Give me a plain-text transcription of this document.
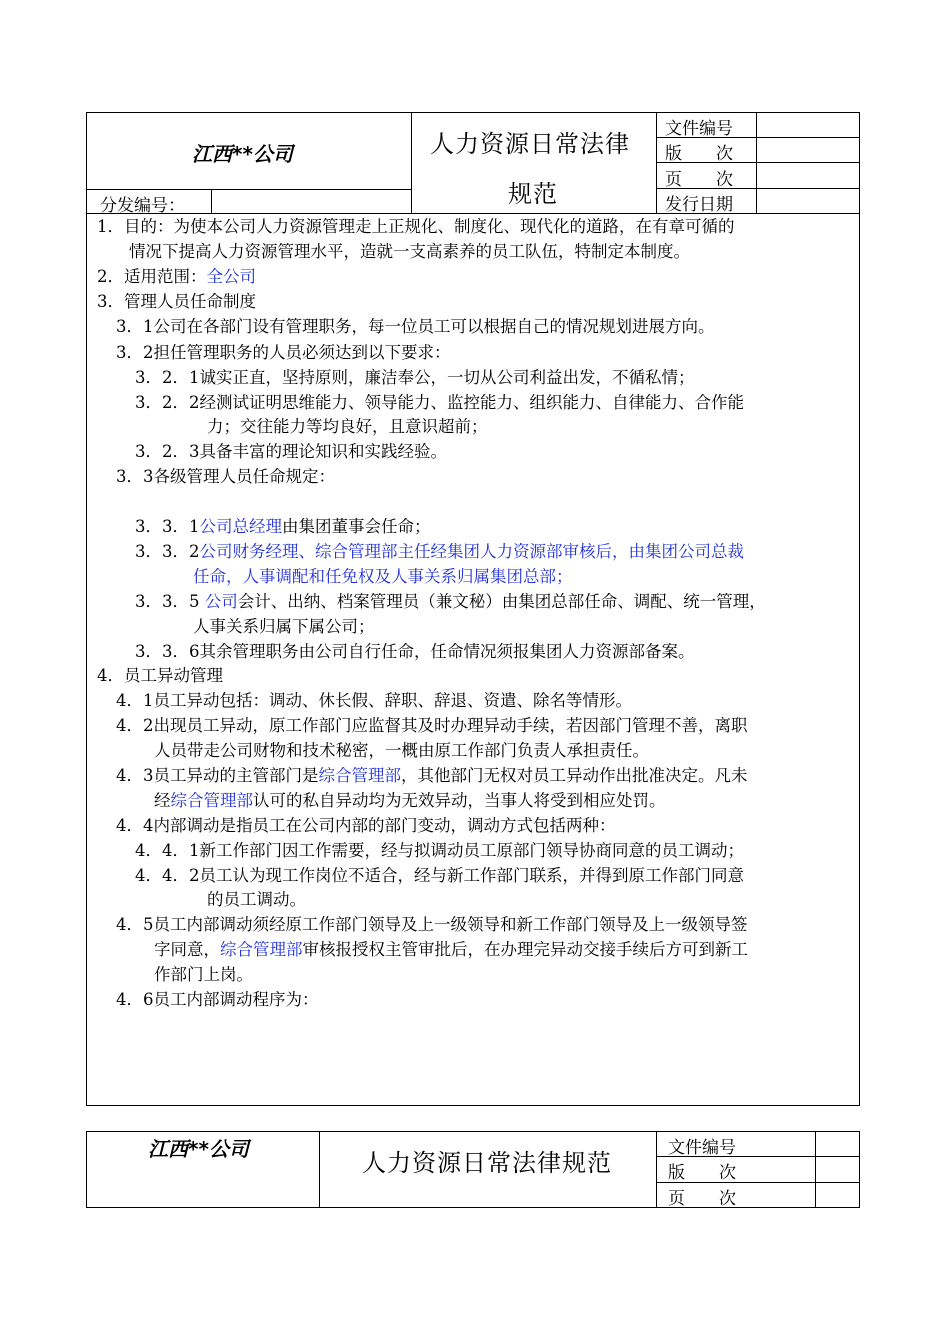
江西**公司	人力资源日常法律
规范
文件编号
版　　次
页　　次
发行日期
分发编号：
1．目的：为使本公司人力资源管理走上正规化、制度化、现代化的道路，在有章可循的
情况下提高人力资源管理水平，造就一支高素养的员工队伍，特制定本制度。
2．适用范围：全公司
3．管理人员任命制度
3．1公司在各部门设有管理职务，每一位员工可以根据自己的情况规划进展方向。
3．2担任管理职务的人员必须达到以下要求：
3．2．1诚实正直，坚持原则，廉洁奉公，一切从公司利益出发，不循私情；
3．2．2经测试证明思维能力、领导能力、监控能力、组织能力、自律能力、合作能
力；交往能力等均良好，且意识超前；
3．2．3具备丰富的理论知识和实践经验。
3．3各级管理人员任命规定：
3．3．1公司总经理由集团董事会任命；
3．3．2公司财务经理、综合管理部主任经集团人力资源部审核后，由集团公司总裁
任命，人事调配和任免权及人事关系归属集团总部；
3．3．5 公司会计、出纳、档案管理员（兼文秘）由集团总部任命、调配、统一管理，
人事关系归属下属公司；
3．3．6其余管理职务由公司自行任命，任命情况须报集团人力资源部备案。
4．员工异动管理
4．1员工异动包括：调动、休长假、辞职、辞退、资遣、除名等情形。
4．2出现员工异动，原工作部门应监督其及时办理异动手续，若因部门管理不善，离职
人员带走公司财物和技术秘密，一概由原工作部门负责人承担责任。
4．3员工异动的主管部门是综合管理部，其他部门无权对员工异动作出批准决定。凡未
经综合管理部认可的私自异动均为无效异动，当事人将受到相应处罚。
4．4内部调动是指员工在公司内部的部门变动，调动方式包括两种：
4．4．1新工作部门因工作需要，经与拟调动员工原部门领导协商同意的员工调动；
4．4．2员工认为现工作岗位不适合，经与新工作部门联系，并得到原工作部门同意
的员工调动。
4．5员工内部调动须经原工作部门领导及上一级领导和新工作部门领导及上一级领导签
字同意，综合管理部审核报授权主管审批后，在办理完异动交接手续后方可到新工
作部门上岗。
4．6员工内部调动程序为：
江西**公司	人力资源日常法律规范
文件编号
版　　次
页　　次
